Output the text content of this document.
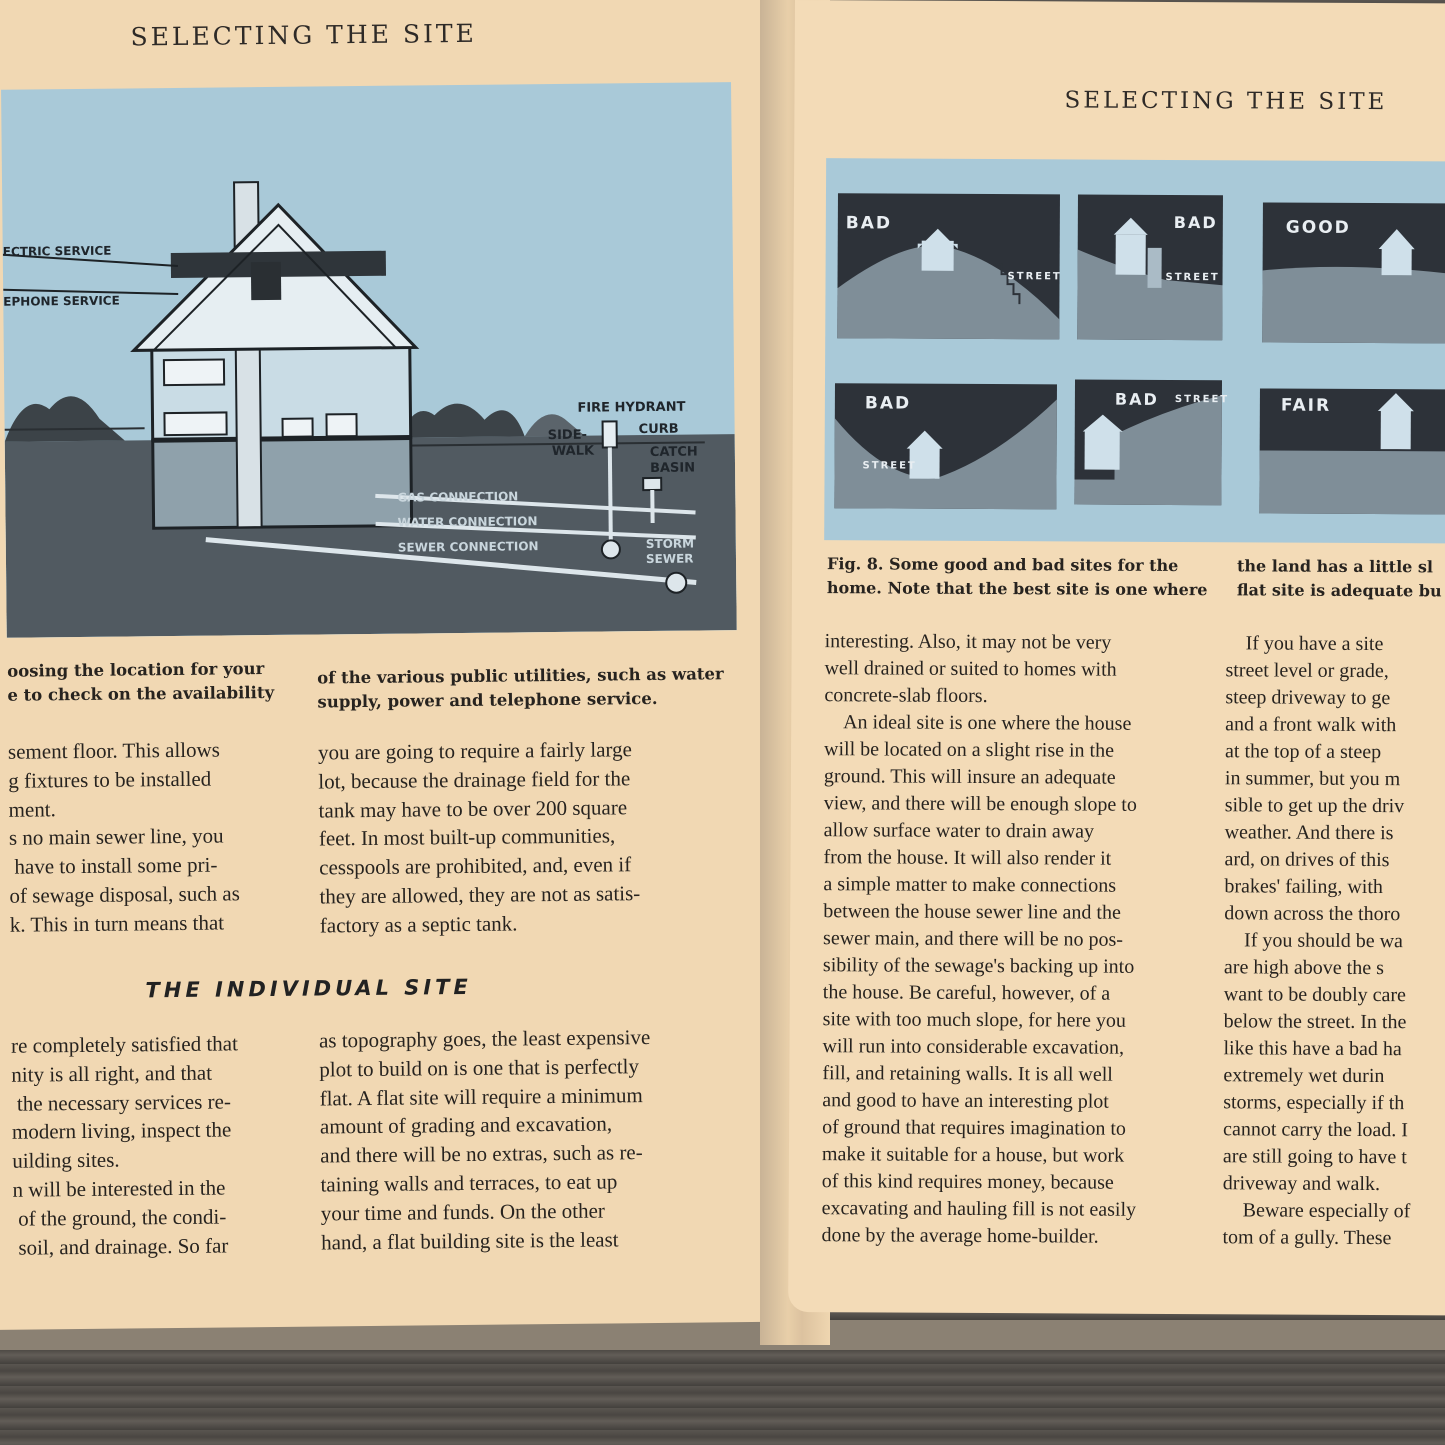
SELECTING THE SITE
ECTRIC SERVICE
EPHONE SERVICE
FIRE HYDRANT
CURB
SIDE-
WALK	CATCH
BASIN
GAS CONNECTION
WATER CONNECTION
SEWER CONNECTION	STORM
SEWER
oosing the location for your
e to check on the availability
of the various public utilities, such as water
supply, power and telephone service.
sement floor. This allows
g fixtures to be installed
ment.
s no main sewer line, you
have to install some pri-
of sewage disposal, such as
k. This in turn means that
you are going to require a fairly large
lot, because the drainage field for the
tank may have to be over 200 square
feet. In most built-up communities,
cesspools are prohibited, and, even if
they are allowed, they are not as satis-
factory as a septic tank.
THE INDIVIDUAL SITE
re completely satisfied that
nity is all right, and that
the necessary services re-
modern living, inspect the
uilding sites.
n will be interested in the
of the ground, the condi-
soil, and drainage. So far
as topography goes, the least expensive
plot to build on is one that is perfectly
flat. A flat site will require a minimum
amount of grading and excavation,
and there will be no extras, such as re-
taining walls and terraces, to eat up
your time and funds. On the other
hand, a flat building site is the least
SELECTING THE SITE
BAD
STREET
BAD
STREET
GOOD
BAD
STREET
BAD STREET	FAIR
Fig. 8. Some good and bad sites for the
home. Note that the best site is one where
the land has a little sl
flat site is adequate bu
interesting. Also, it may not be very
well drained or suited to homes with
concrete-slab floors.
An ideal site is one where the house
will be located on a slight rise in the
ground. This will insure an adequate
view, and there will be enough slope to
allow surface water to drain away
from the house. It will also render it
a simple matter to make connections
between the house sewer line and the
sewer main, and there will be no pos-
sibility of the sewage's backing up into
the house. Be careful, however, of a
site with too much slope, for here you
will run into considerable excavation,
fill, and retaining walls. It is all well
and good to have an interesting plot
of ground that requires imagination to
make it suitable for a house, but work
of this kind requires money, because
excavating and hauling fill is not easily
done by the average home-builder.
If you have a site
street level or grade,
steep driveway to ge
and a front walk with
at the top of a steep
in summer, but you m
sible to get up the driv
weather. And there is
ard, on drives of this
brakes' failing, with
down across the thoro
If you should be wa
are high above the s
want to be doubly care
below the street. In the
like this have a bad ha
extremely wet durin
storms, especially if th
cannot carry the load. I
are still going to have t
driveway and walk.
Beware especially of
tom of a gully. These
